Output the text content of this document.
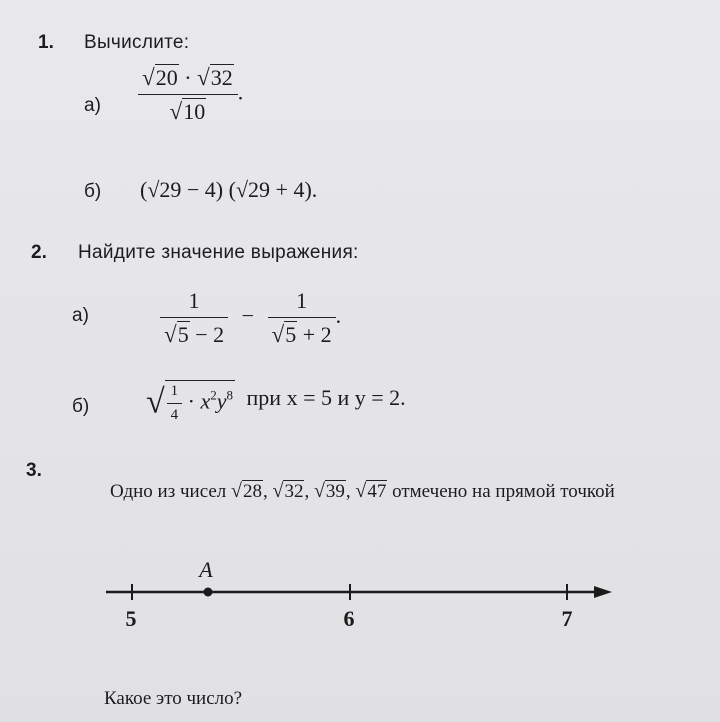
1. Вычислите:
$а) \frac{√20 \cdot √32}{√10}$ .
б) (√29 − 4) (√29 + 4).
2. Найдите значение выражения:
а)	$\frac{1}{√5 - 2} - \frac{1}{√5 + 2}$ .
б) √ $\frac{1}{4} \cdot x^2y^8$ при x = 5 и y = 2.
3.
Одно из чисел √28, √32, √39, √47 отмечено на прямой точкой
A
5	6	7
Какое это число?
